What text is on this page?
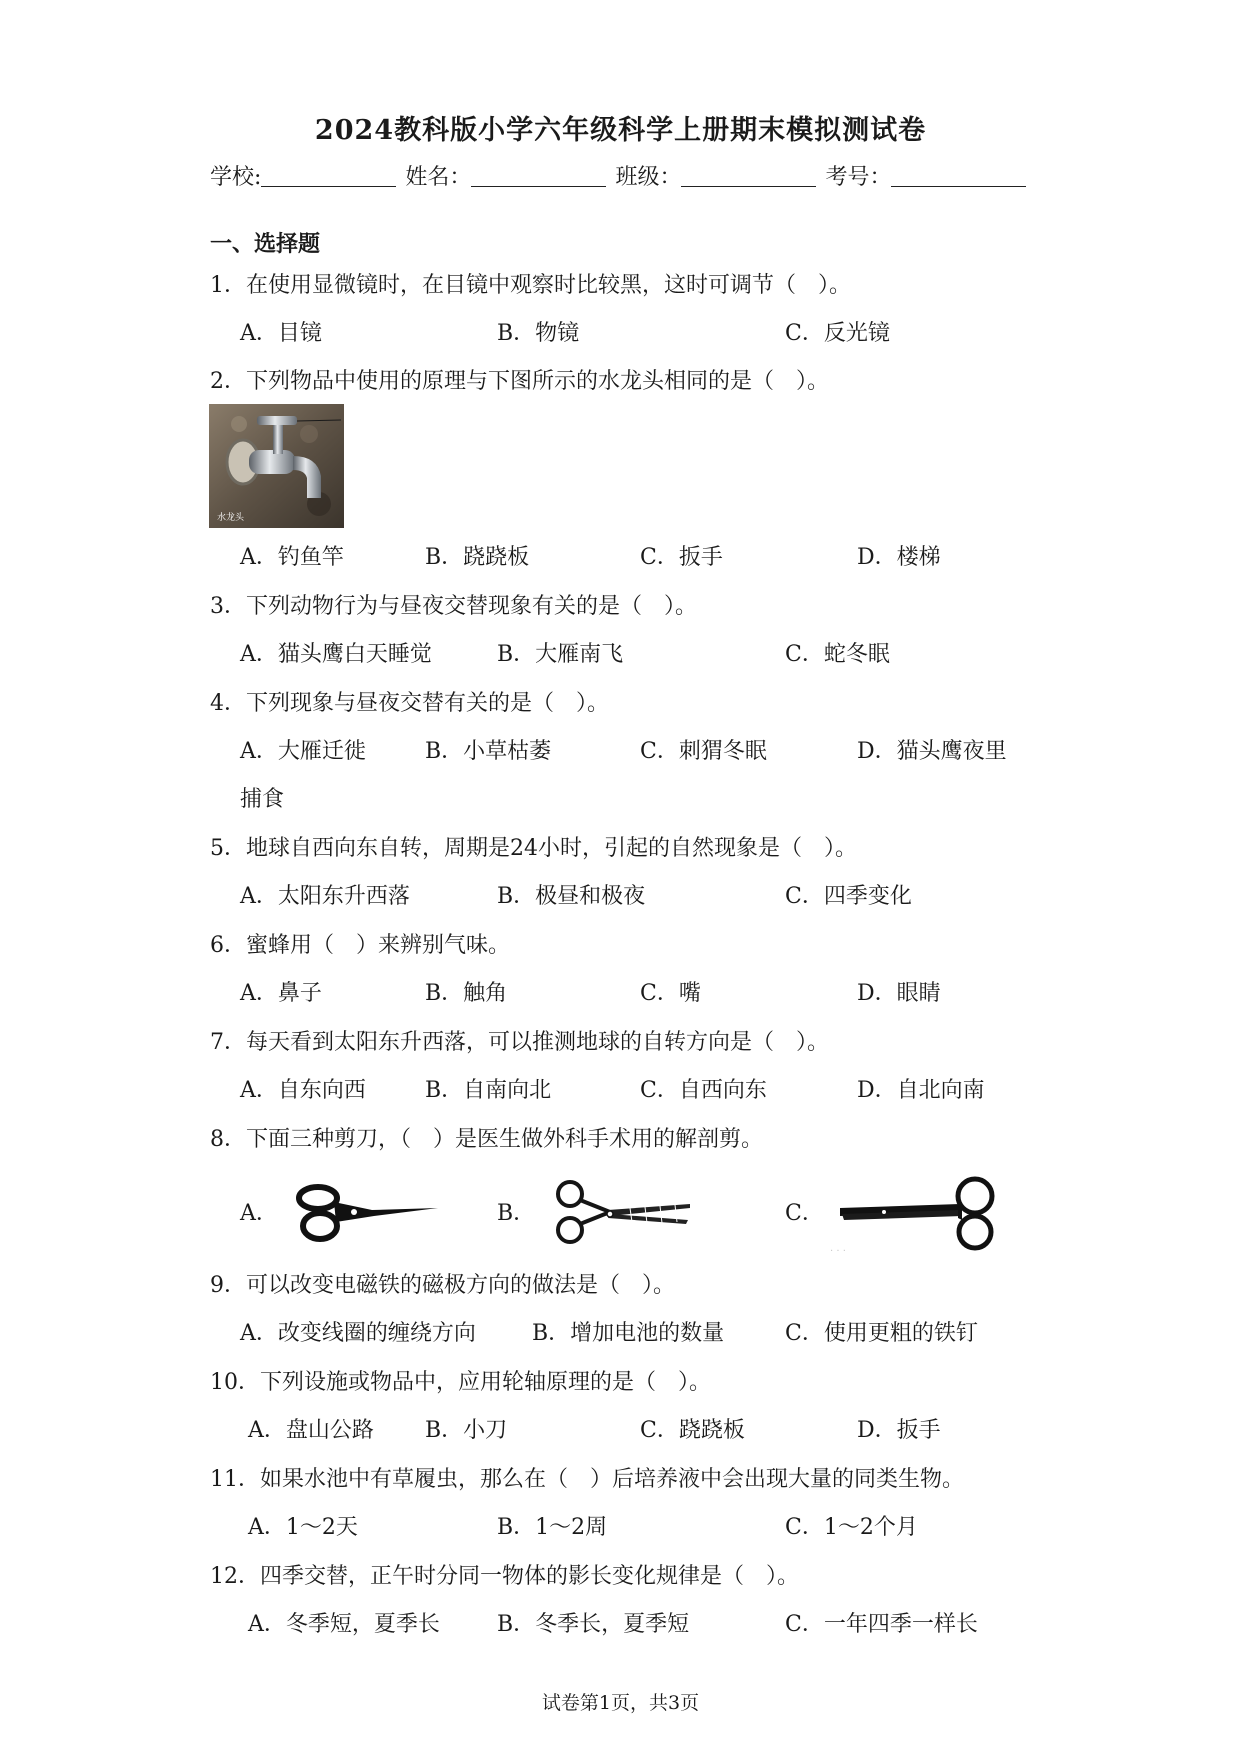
2024教科版小学六年级科学上册期末模拟测试卷
学校:	姓名：	班级：	考号：
一、选择题
1．在使用显微镜时，在目镜中观察时比较黑，这时可调节（　）。
A．目镜	B．物镜	C．反光镜
2．下列物品中使用的原理与下图所示的水龙头相同的是（　）。
水龙头
A．钓鱼竿	B．跷跷板	C．扳手	D．楼梯
3．下列动物行为与昼夜交替现象有关的是（　）。
A．猫头鹰白天睡觉	B．大雁南飞	C．蛇冬眠
4．下列现象与昼夜交替有关的是（　）。
A．大雁迁徙	B．小草枯萎	C．刺猬冬眠	D．猫头鹰夜里
捕食
5．地球自西向东自转，周期是24小时，引起的自然现象是（　）。
A．太阳东升西落	B．极昼和极夜	C．四季变化
6．蜜蜂用（　）来辨别气味。
A．鼻子	B．触角	C．嘴	D．眼睛
7．每天看到太阳东升西落，可以推测地球的自转方向是（　）。
A．自东向西	B．自南向北	C．自西向东	D．自北向南
8．下面三种剪刀，（　）是医生做外科手术用的解剖剪。
A．	B．	C．
· · ·
9．可以改变电磁铁的磁极方向的做法是（　）。
A．改变线圈的缠绕方向	B．增加电池的数量	C．使用更粗的铁钉
10．下列设施或物品中，应用轮轴原理的是（　）。
A．盘山公路 B．小刀	C．跷跷板	D．扳手
11．如果水池中有草履虫，那么在（　）后培养液中会出现大量的同类生物。
A．1～2天	B．1～2周	C．1～2个月
12．四季交替，正午时分同一物体的影长变化规律是（　）。
A．冬季短，夏季长	B．冬季长，夏季短	C．一年四季一样长
试卷第1页，共3页
